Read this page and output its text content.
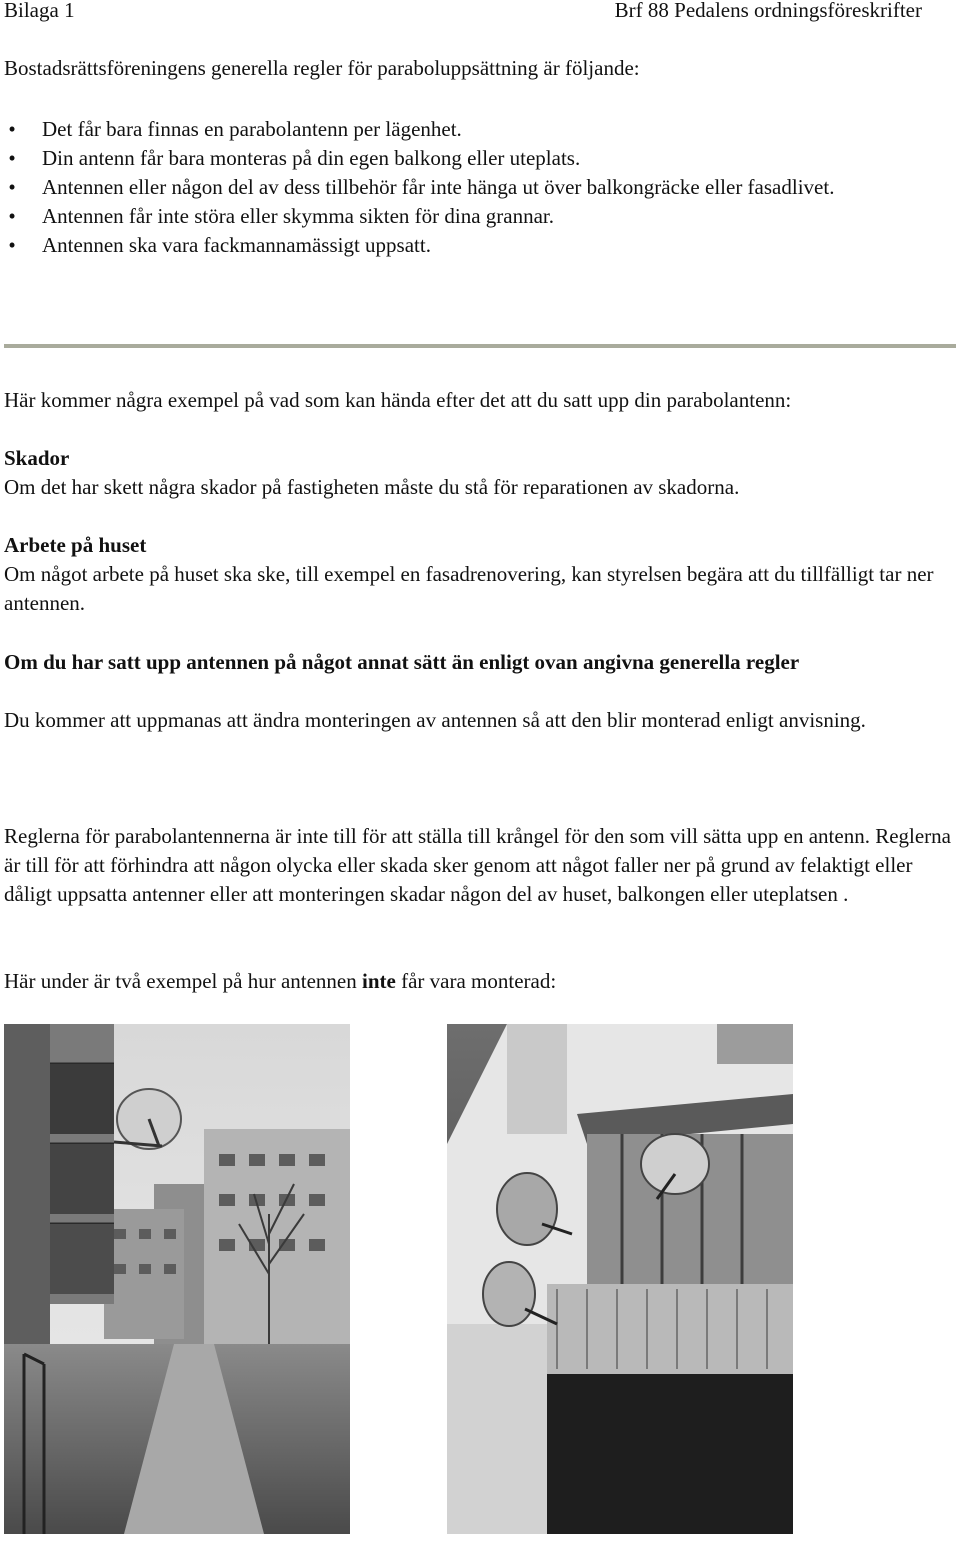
Bilaga 1	Brf 88 Pedalens ordningsföreskrifter
Bostadsrättsföreningens generella regler för paraboluppsättning är följande:
• Det får bara finnas en parabolantenn per lägenhet.
• Din antenn får bara monteras på din egen balkong eller uteplats.
• Antennen eller någon del av dess tillbehör får inte hänga ut över balkongräcke eller fasadlivet.
• Antennen får inte störa eller skymma sikten för dina grannar.
• Antennen ska vara fackmannamässigt uppsatt.
Här kommer några exempel på vad som kan hända efter det att du satt upp din parabolantenn:
Skador
Om det har skett några skador på fastigheten måste du stå för reparationen av skadorna.
Arbete på huset
Om något arbete på huset ska ske, till exempel en fasadrenovering, kan styrelsen begära att du tillfälligt tar ner antennen.
Om du har satt upp antennen på något annat sätt än enligt ovan angivna generella regler
Du kommer att uppmanas att ändra monteringen av antennen så att den blir monterad enligt anvisning.
Reglerna för parabolantennerna är inte till för att ställa till krångel för den som vill sätta upp en antenn. Reglerna är till för att förhindra att någon olycka eller skada sker genom att något faller ner på grund av felaktigt eller dåligt uppsatta antenner eller att monteringen skadar någon del av huset, balkongen eller uteplatsen .
Här under är två exempel på hur antennen inte får vara monterad:
